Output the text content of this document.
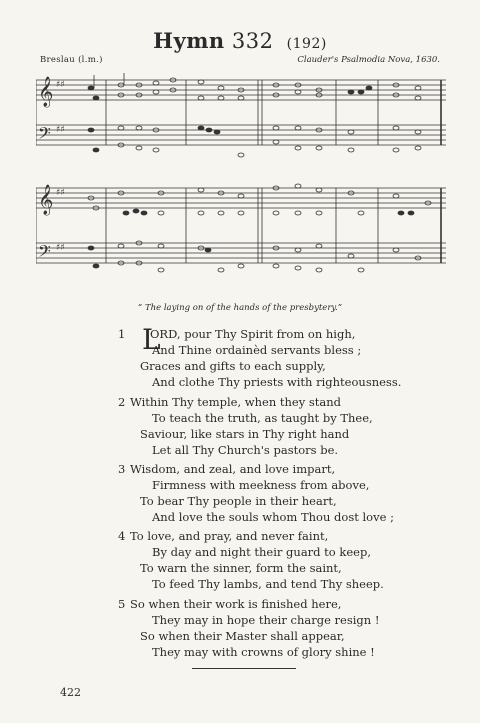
Hymn 332 (192)
Breslau (l.m.)	Clauder's Psalmodia Nova, 1630.
𝄞
𝄢
♯♯
♯♯
𝄞
𝄢
♯♯
♯♯
“ The laying on of the hands of the presbytery.”
L
1 ORD, pour Thy Spirit from on high,
And Thine ordainèd servants bless ;
Graces and gifts to each supply,
And clothe Thy priests with righteousness.
2 Within Thy temple, when they stand
To teach the truth, as taught by Thee,
Saviour, like stars in Thy right hand
Let all Thy Church's pastors be.
3 Wisdom, and zeal, and love impart,
Firmness with meekness from above,
To bear Thy people in their heart,
And love the souls whom Thou dost love ;
4 To love, and pray, and never faint,
By day and night their guard to keep,
To warn the sinner, form the saint,
To feed Thy lambs, and tend Thy sheep.
5 So when their work is finished here,
They may in hope their charge resign !
So when their Master shall appear,
They may with crowns of glory shine !
422
